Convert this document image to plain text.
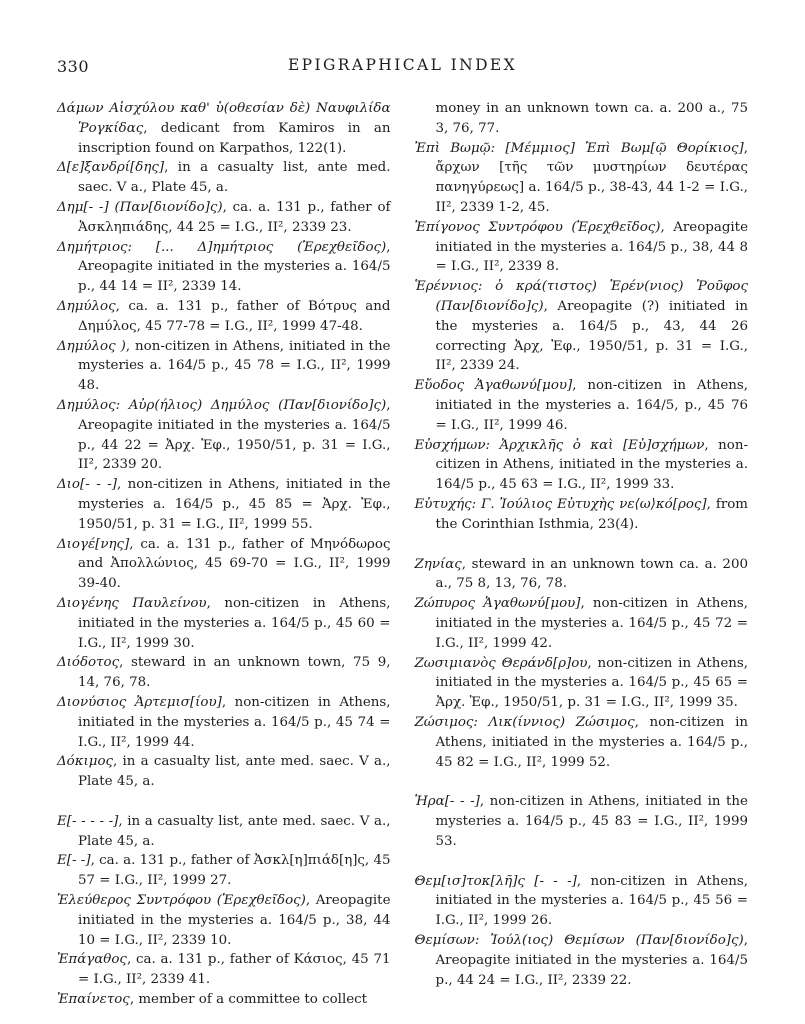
330	EPIGRAPHICAL INDEX

Δάμων Αἰσχύλου καθ' ὑ(οθεσίαν δὲ) Ναυφιλίδα Ῥογκίδας, dedicant from Kamiros in an inscription found on Karpathos, 122(1).

Δ[ε]ξανδρί[δης], in a casualty list, ante med. saec. V a., Plate 45, a.

Δημ[- -] (Παν[διονίδο]ς), ca. a. 131 p., father of Ἀσκληπιάδης, 44 25 = I.G., II², 2339 23.

Δημήτριος: [... Δ]ημήτριος (Ἐρεχθεῖδος), Areopagite initiated in the mysteries a. 164/5 p., 44 14 = II², 2339 14.

Δημύλος, ca. a. 131 p., father of Βότρυς and Δημύλος, 45 77-78 = I.G., II², 1999 47-48.

Δημύλος ), non-citizen in Athens, initiated in the mysteries a. 164/5 p., 45 78 = I.G., II², 1999 48.

Δημύλος: Αὐρ(ήλιος) Δημύλος (Παν[διονίδο]ς), Areopagite initiated in the mysteries a. 164/5 p., 44 22 = Ἀρχ. Ἐφ., 1950/51, p. 31 = I.G., II², 2339 20.

Διο[- - -], non-citizen in Athens, initiated in the mysteries a. 164/5 p., 45 85 = Ἀρχ. Ἐφ., 1950/51, p. 31 = I.G., II², 1999 55.

Διογέ[νης], ca. a. 131 p., father of Μηνόδωρος and Ἀπολλώνιος, 45 69-70 = I.G., II², 1999 39-40.

Διογένης Παυλείνου, non-citizen in Athens, initiated in the mysteries a. 164/5 p., 45 60 = I.G., II², 1999 30.

Διόδοτος, steward in an unknown town, 75 9, 14, 76, 78.

Διονύσιος Ἀρτεμισ[ίου], non-citizen in Athens, initiated in the mysteries a. 164/5 p., 45 74 = I.G., II², 1999 44.

Δόκιμος, in a casualty list, ante med. saec. V a., Plate 45, a.

Ε[- - - - -], in a casualty list, ante med. saec. V a., Plate 45, a.

Ε[- -], ca. a. 131 p., father of Ἀσκλ[η]πιάδ[η]ς, 45 57 = I.G., II², 1999 27.

Ἐλεύθερος Συντρόφου (Ἐρεχθεῖδος), Areopagite initiated in the mysteries a. 164/5 p., 38, 44 10 = I.G., II², 2339 10.

Ἐπάγαθος, ca. a. 131 p., father of Κάσιος, 45 71 = I.G., II², 2339 41.

Ἐπαίνετος, member of a committee to collect

money in an unknown town ca. a. 200 a., 75 3, 76, 77.

Ἐπὶ Βωμῷ: [Μέμμιος] Ἐπὶ Βωμ[ῷ Θορίκιος], ἄρχων [τῆς τῶν μυστηρίων δευτέρας πανηγύρεως] a. 164/5 p., 38-43, 44 1-2 = I.G., II², 2339 1-2, 45.

Ἐπίγονος Συντρόφου (Ἐρεχθεῖδος), Areopagite initiated in the mysteries a. 164/5 p., 38, 44 8 = I.G., II², 2339 8.

Ἑρέννιος: ὁ κρά(τιστος) Ἑρέν(νιος) Ῥοῦφος (Παν[διονίδο]ς), Areopagite (?) initiated in the mysteries a. 164/5 p., 43, 44 26 correcting Ἀρχ, Ἐφ., 1950/51, p. 31 = I.G., II², 2339 24.

Εὔοδος Ἀγαθωνύ[μου], non-citizen in Athens, initiated in the mysteries a. 164/5, p., 45 76 = I.G., II², 1999 46.

Εὐσχήμων: Ἀρχικλῆς ὁ καὶ [Εὐ]σχήμων, non-citizen in Athens, initiated in the mysteries a. 164/5 p., 45 63 = I.G., II², 1999 33.

Εὐτυχής: Γ. Ἰούλιος Εὐτυχὴς νε⟨ω⟩κό[ρος], from the Corinthian Isthmia, 23(4).

Ζηνίας, steward in an unknown town ca. a. 200 a., 75 8, 13, 76, 78.

Ζώπυρος Ἀγαθωνύ[μου], non-citizen in Athens, initiated in the mysteries a. 164/5 p., 45 72 = I.G., II², 1999 42.

Ζωσιμιανὸς Θεράνδ[ρ]ου, non-citizen in Athens, initiated in the mysteries a. 164/5 p., 45 65 = Ἀρχ. Ἐφ., 1950/51, p. 31 = I.G., II², 1999 35.

Ζώσιμος: Λικ(ίννιος) Ζώσιμος, non-citizen in Athens, initiated in the mysteries a. 164/5 p., 45 82 = I.G., II², 1999 52.

Ἡρα[- - -], non-citizen in Athens, initiated in the mysteries a. 164/5 p., 45 83 = I.G., II², 1999 53.

Θεμ[ισ]τοκ[λῆ]ς [- - -], non-citizen in Athens, initiated in the mysteries a. 164/5 p., 45 56 = I.G., II², 1999 26.

Θεμίσων: Ἰούλ(ιος) Θεμίσων (Παν[διονίδο]ς), Areopagite initiated in the mysteries a. 164/5 p., 44 24 = I.G., II², 2339 22.
